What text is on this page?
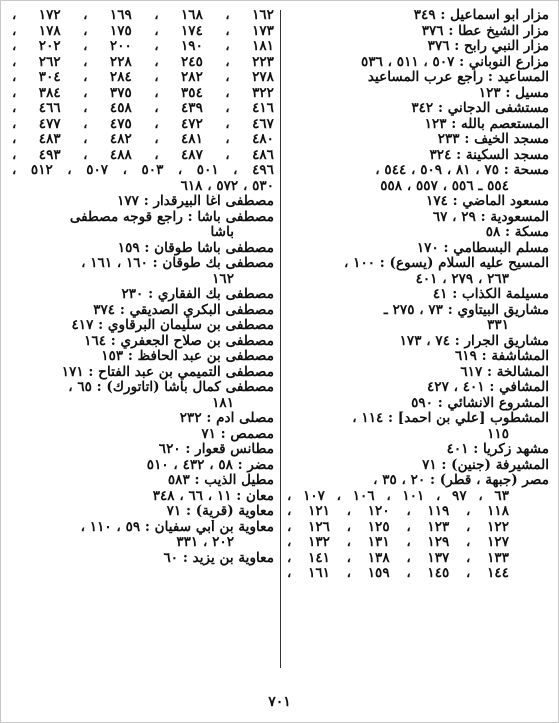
مزار ابو اسماعيل : ٣٤٩
مزار الشيخ عطا : ٣٧٦
مزار النبي رابح : ٣٧٦
مزارع النوباني : ٥٠٧ ، ٥١١ ، ٥٣٦
المساعيد : راجع عرب المساعيد
مسيل : ١٢٣
مستشفى الدجاني : ٣٤٢
المستعصم بالله : ١٢٣
مسجد الخيف : ٢٣٣
مسجد السكينة : ٣٢٤
مسحة : ٧٥ ، ٨١ ، ٥٠٩ ، ٥٤٤ ،
٥٥٤ ـ ٥٥٦ ، ٥٥٧ ، ٥٥٨
مسعود الماضي : ١٧٤
المسعودية : ٢٩ ، ٦٧
مسكة : ٥٨
مسلم البسطامي : ١٧٠
المسيح عليه السلام (يسوع) : ١٠٠ ،
٢٦٣ ، ٢٧٩ ، ٤٠١
مسيلمة الكذاب : ٤١
مشاريق البيتاوي : ٧٣ ، ٢٧٥ ـ
٣٣١
مشاريق الجرار : ٧٤ ، ١٧٣
المشاشفة : ٦١٩
المشالخة : ٦١٧
المشافي : ٤٠١ ، ٤٢٧
المشروع الانشائي : ٥٩٠
المشطوب [علي بن احمد] : ١١٤ ،
١١٥
مشهد زكريا : ٤٠١
المشيرفة (جنين) : ٧١
مصر (جبهة ، قطر) : ٢٠ ، ٣٥ ،
٦٣ ، ٩٧ ، ١٠١ ، ١٠٦ ، ١٠٧ ،
١١٨ ، ١١٩ ، ١٢٠ ، ١٢١ ،
١٢٢ ، ١٢٣ ، ١٢٥ ، ١٢٦ ،
١٢٧ ، ١٢٩ ، ١٣١ ، ١٣٢ ،
١٣٣ ، ١٣٧ ، ١٣٨ ، ١٤١ ،
١٤٤ ، ١٤٥ ، ١٥٩ ، ١٦١ ،
١٦٢ ، ١٦٨ ، ١٦٩ ، ١٧٢ ،
١٧٣ ، ١٧٤ ، ١٧٥ ، ١٧٨ ،
١٨١ ، ١٩٠ ، ٢٠٠ ، ٢٠٢ ،
٢٢٣ ، ٢٤٥ ، ٢٢٨ ، ٢٦٢ ،
٢٧٨ ، ٢٨٢ ، ٢٨٤ ، ٣٠٤ ،
٣٢٢ ، ٣٥٤ ، ٣٧٥ ، ٣٨٤ ،
٤١٦ ، ٤٣٩ ، ٤٥٨ ، ٤٦٦ ،
٤٦٧ ، ٤٧٢ ، ٤٧٥ ، ٤٧٧ ،
٤٨٠ ، ٤٨١ ، ٤٨٢ ، ٤٨٣ ،
٤٨٦ ، ٤٨٧ ، ٤٨٨ ، ٤٩٣ ،
٤٩٦ ، ٥٠١ ، ٥٠٣ ، ٥٠٧ ، ٥١٢ ،
٥٣٠ ، ٥٧٢ ، ٦١٨
مصطفى آغا البيرقدار : ١٧٧
مصطفى باشا : راجع قوجه مصطفى
باشا
مصطفى باشا طوقان : ١٥٩
مصطفى بك طوقان : ١٦٠ ، ١٦١ ،
١٦٢
مصطفى بك الفقاري : ٢٣٠
مصطفى البكري الصديقي : ٣٧٤
مصطفى بن سليمان البرقاوي : ٤١٧
مصطفى بن صلاح الجعفري : ١٦٤
مصطفى بن عبد الحافظ : ١٥٣
مصطفى التميمي بن عبد الفتاح : ١٧١
مصطفى كمال باشا (اتاتورك) : ٦٥ ،
١٨١
مصلى آدم : ٢٣٢
مصمص : ٧١
مطانس قعوار : ٦٢٠
مضر : ٥٨ ، ٤٣٢ ، ٥١٠
مطيل الذيب : ٥٨٣
معان : ١١ ، ٦٦ ، ٣٤٨
معاوية (قرية) : ٧١
معاوية بن أبي سفيان : ٥٩ ، ١١٠ ،
٢٠٢ ، ٣٣١
معاوية بن يزيد : ٦٠
٧٠١
